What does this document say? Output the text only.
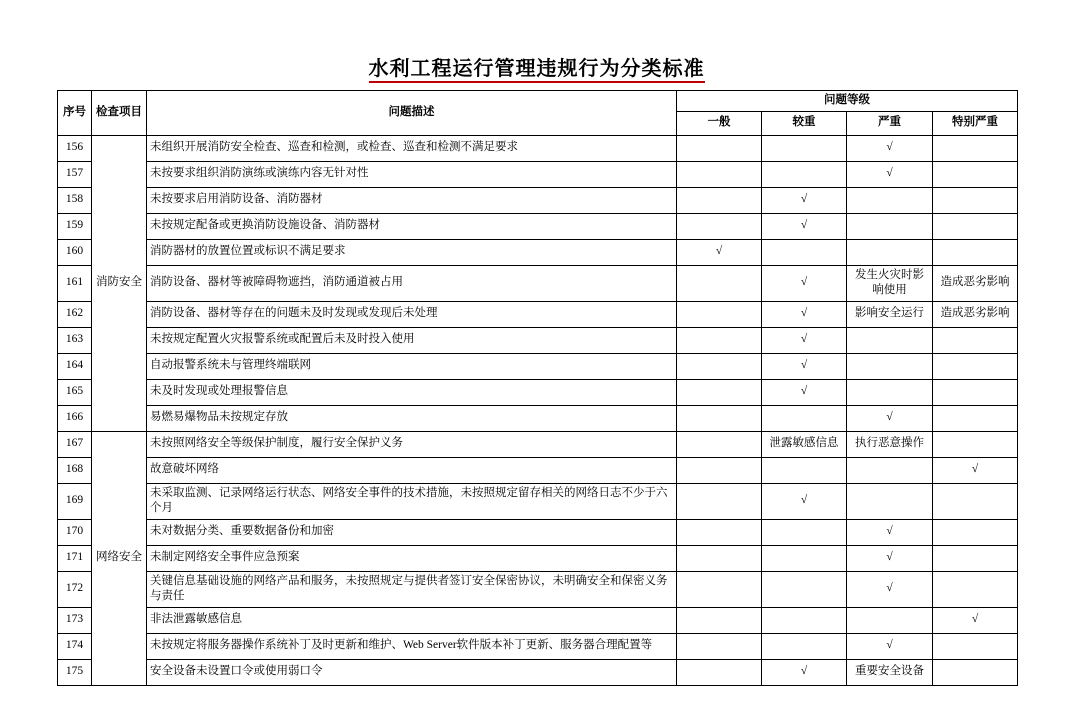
水利工程运行管理违规行为分类标准
序号	检查项目	问题描述	问题等级			
			一般	较重	严重	特别严重
156	消防安全	未组织开展消防安全检查、巡查和检测，或检查、巡查和检测不满足要求			√	
157		未按要求组织消防演练或演练内容无针对性			√	
158		未按要求启用消防设备、消防器材		√		
159		未按规定配备或更换消防设施设备、消防器材		√		
160		消防器材的放置位置或标识不满足要求	√			
161		消防设备、器材等被障碍物遮挡，消防通道被占用		√	发生火灾时影响使用	造成恶劣影响
162		消防设备、器材等存在的问题未及时发现或发现后未处理		√	影响安全运行	造成恶劣影响
163		未按规定配置火灾报警系统或配置后未及时投入使用		√		
164		自动报警系统未与管理终端联网		√		
165		未及时发现或处理报警信息		√		
166		易燃易爆物品未按规定存放			√	
167	网络安全	未按照网络安全等级保护制度，履行安全保护义务		泄露敏感信息	执行恶意操作	
168		故意破坏网络				√
169		未采取监测、记录网络运行状态、网络安全事件的技术措施，未按照规定留存相关的网络日志不少于六个月		√		
170		未对数据分类、重要数据备份和加密			√	
171		未制定网络安全事件应急预案			√	
172		关键信息基础设施的网络产品和服务，未按照规定与提供者签订安全保密协议，未明确安全和保密义务与责任			√	
173		非法泄露敏感信息				√
174		未按规定将服务器操作系统补丁及时更新和维护、Web Server软件版本补丁更新、服务器合理配置等			√	
175		安全设备未设置口令或使用弱口令		√	重要安全设备	
